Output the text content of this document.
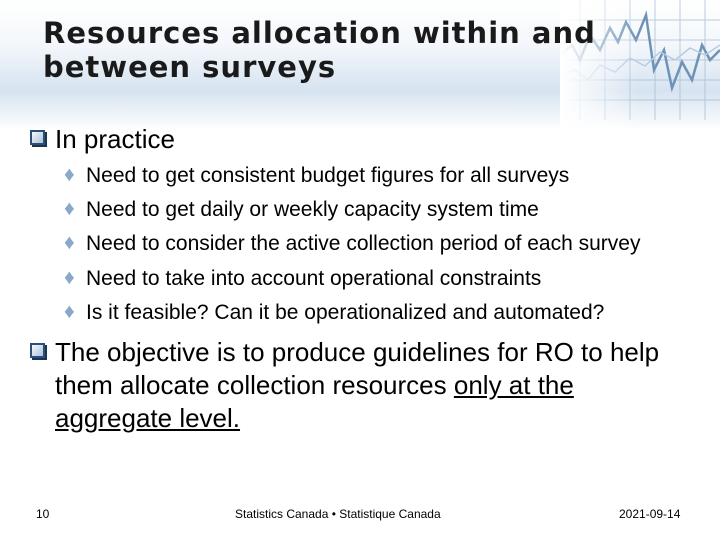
Resources allocation within and
between surveys
In practice
♦ Need to get consistent budget figures for all surveys
♦ Need to get daily or weekly capacity system time
♦ Need to consider the active collection period of each survey
♦ Need to take into account operational constraints
♦ Is it feasible? Can it be operationalized and automated?
The objective is to produce guidelines for RO to help
them allocate collection resources only at the
aggregate level.
10	Statistics Canada • Statistique Canada	2021-09-14
